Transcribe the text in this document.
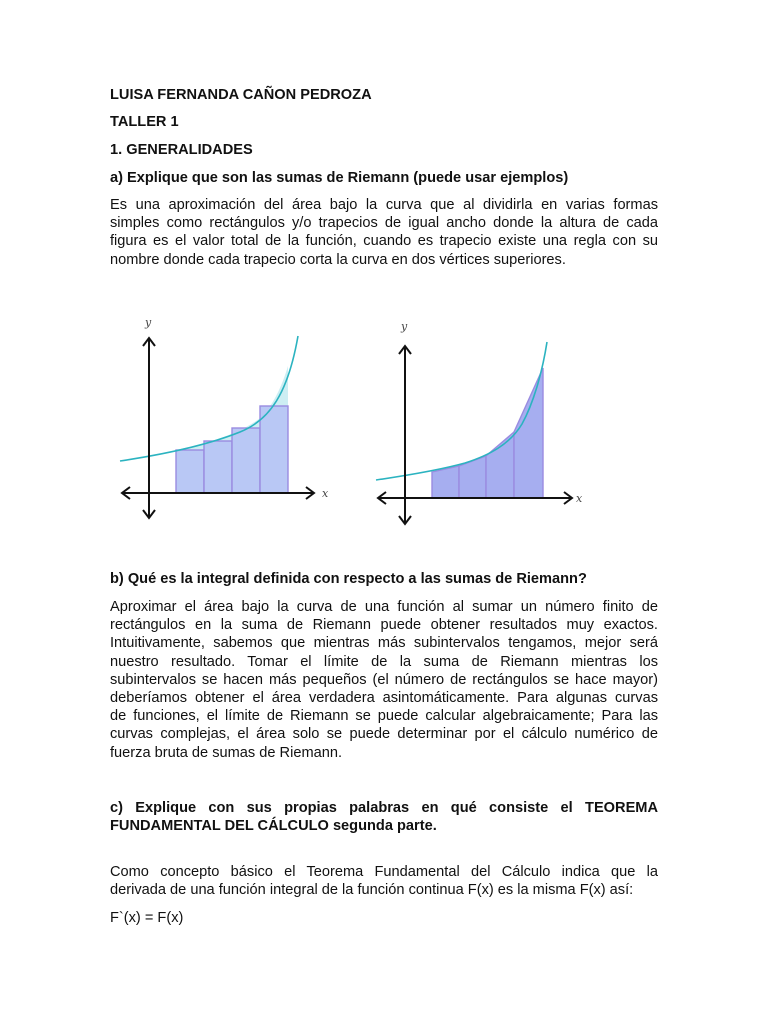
LUISA FERNANDA CAÑON PEDROZA
TALLER 1
1. GENERALIDADES
a) Explique que son las sumas de Riemann (puede usar ejemplos)
Es una aproximación del área bajo la curva que al dividirla en varias formas
simples como rectángulos y/o trapecios de igual ancho donde la altura de cada
figura es el valor total de la función, cuando es trapecio existe una regla con su
nombre donde cada trapecio corta la curva en dos vértices superiores.
y
x
y
x
b) Qué es la integral definida con respecto a las sumas de Riemann?
Aproximar el área bajo la curva de una función al sumar un número finito de
rectángulos en la suma de Riemann puede obtener resultados muy exactos.
Intuitivamente, sabemos que mientras más subintervalos tengamos, mejor será
nuestro resultado. Tomar el límite de la suma de Riemann mientras los
subintervalos se hacen más pequeños (el número de rectángulos se hace mayor)
deberíamos obtener el área verdadera asintomáticamente. Para algunas curvas
de funciones, el límite de Riemann se puede calcular algebraicamente; Para las
curvas complejas, el área solo se puede determinar por el cálculo numérico de
fuerza bruta de sumas de Riemann.
c) Explique con sus propias palabras en qué consiste el TEOREMA
FUNDAMENTAL DEL CÁLCULO segunda parte.
Como concepto básico el Teorema Fundamental del Cálculo indica que la
derivada de una función integral de la función continua F(x) es la misma F(x) así:
F`(x) = F(x)
